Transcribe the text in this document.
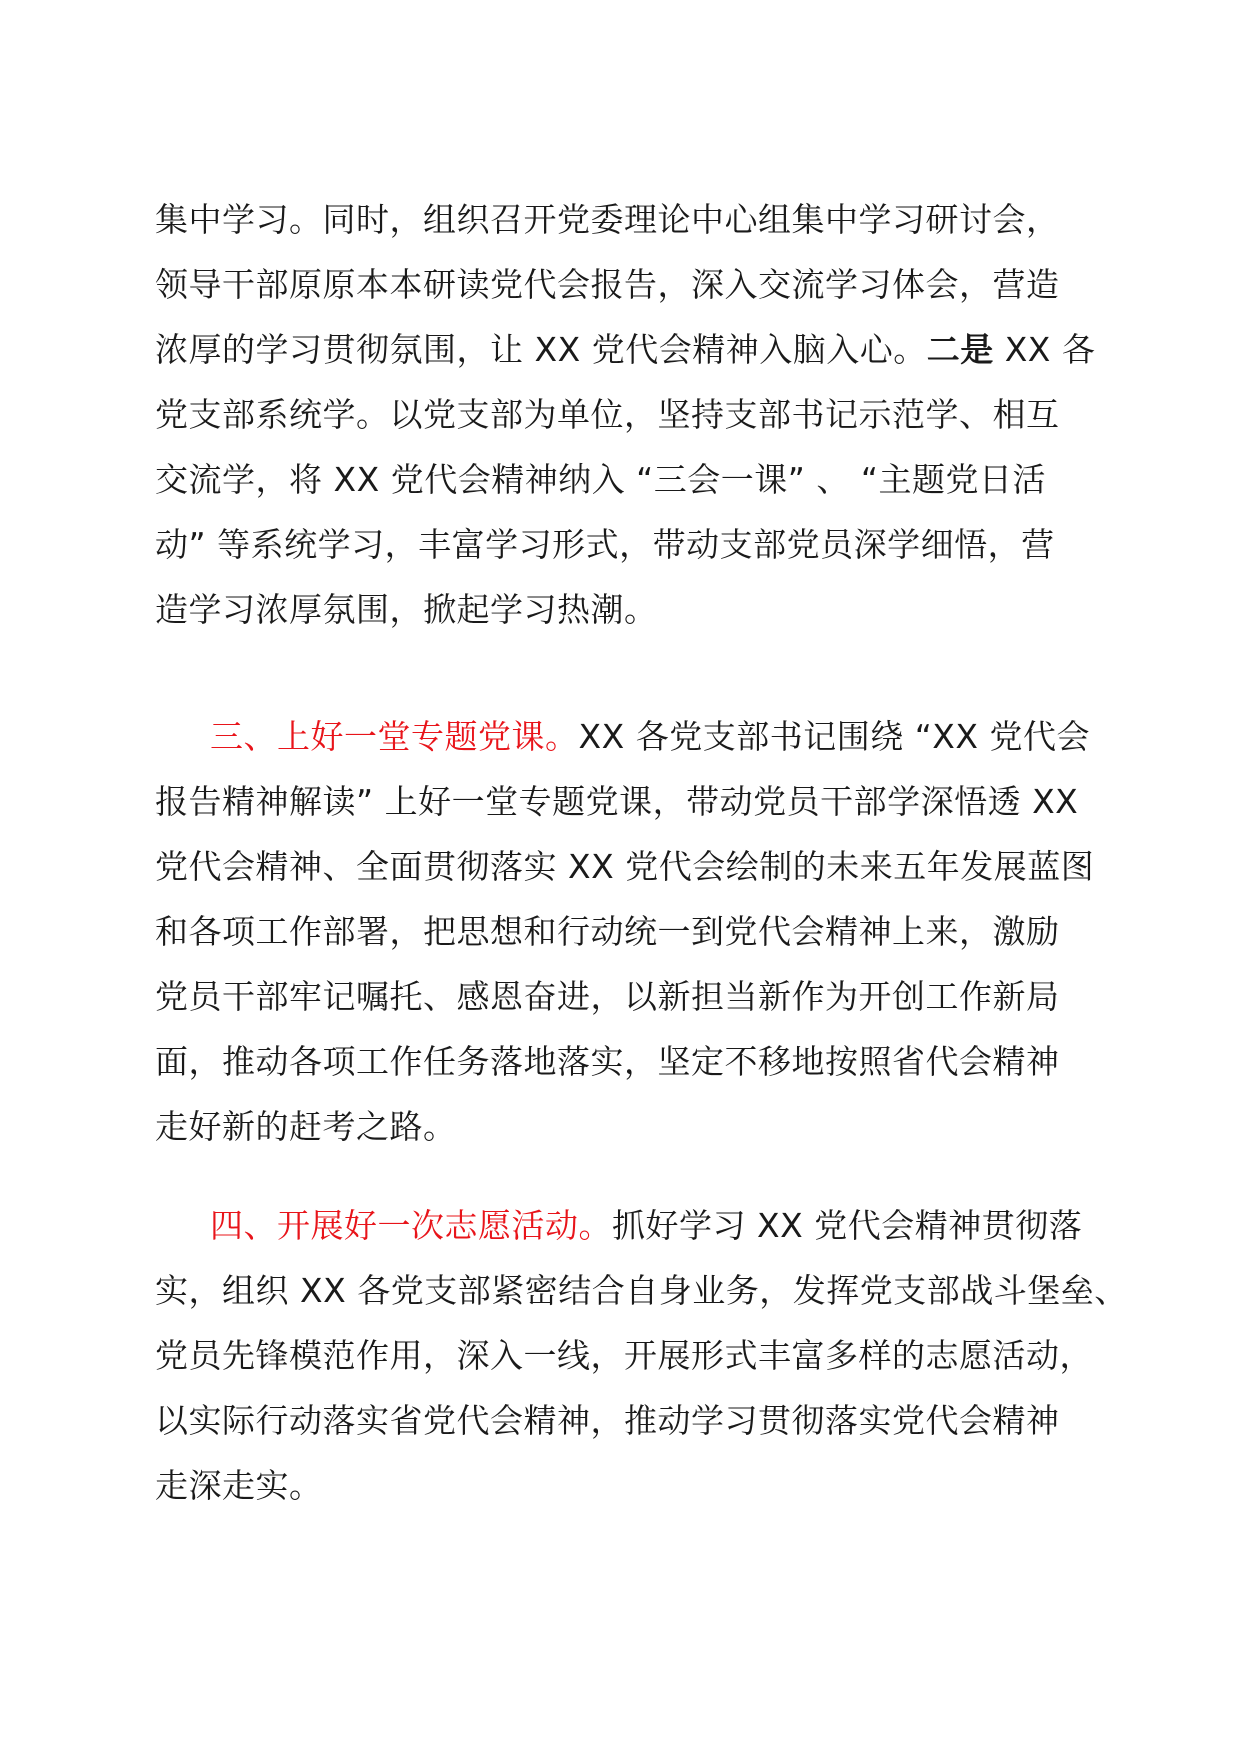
集中学习。同时，组织召开党委理论中心组集中学习研讨会，
领导干部原原本本研读党代会报告，深入交流学习体会，营造
浓厚的学习贯彻氛围，让 XX 党代会精神入脑入心。二是 XX 各
党支部系统学。以党支部为单位，坚持支部书记示范学、相互
交流学，将 XX 党代会精神纳入 “三会一课” 、 “主题党日活
动” 等系统学习，丰富学习形式，带动支部党员深学细悟，营
造学习浓厚氛围，掀起学习热潮。
三、上好一堂专题党课。XX 各党支部书记围绕 “XX 党代会
报告精神解读” 上好一堂专题党课，带动党员干部学深悟透 XX
党代会精神、全面贯彻落实 XX 党代会绘制的未来五年发展蓝图
和各项工作部署，把思想和行动统一到党代会精神上来，激励
党员干部牢记嘱托、感恩奋进，以新担当新作为开创工作新局
面，推动各项工作任务落地落实，坚定不移地按照省代会精神
走好新的赶考之路。
四、开展好一次志愿活动。抓好学习 XX 党代会精神贯彻落
实，组织 XX 各党支部紧密结合自身业务，发挥党支部战斗堡垒、
党员先锋模范作用，深入一线，开展形式丰富多样的志愿活动，
以实际行动落实省党代会精神，推动学习贯彻落实党代会精神
走深走实。
